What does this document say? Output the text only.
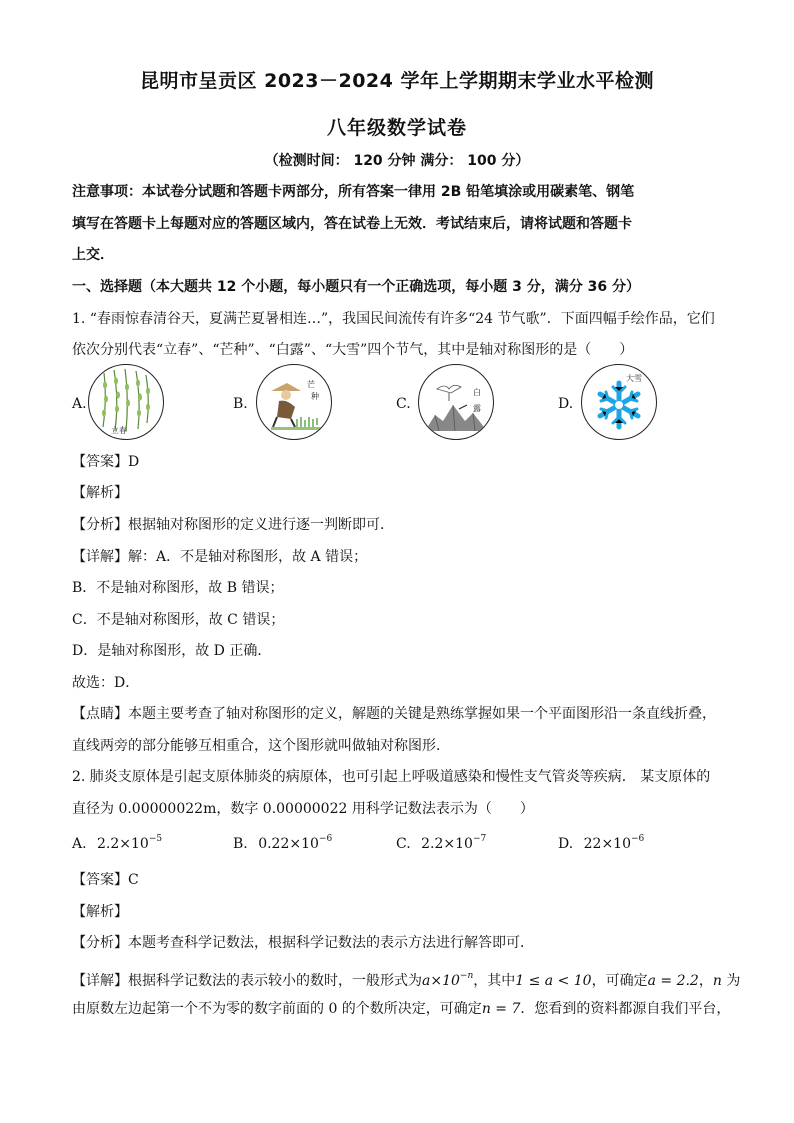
昆明市呈贡区 2023－2024 学年上学期期末学业水平检测
八年级数学试卷
（检测时间： 120 分钟 满分： 100 分）
注意事项：本试卷分试题和答题卡两部分，所有答案一律用 2B 铅笔填涂或用碳素笔、钢笔
填写在答题卡上每题对应的答题区域内，答在试卷上无效．考试结束后，请将试题和答题卡
上交．
一、选择题（本大题共 12 个小题，每小题只有一个正确选项，每小题 3 分，满分 36 分）
1. “春雨惊春清谷天，夏满芒夏暑相连…”，我国民间流传有许多“24 节气歌”．下面四幅手绘作品，它们
依次分别代表“立春”、“芒种”、“白露”、“大雪”四个节气，其中是轴对称图形的是（　　）
A.
立春
B.
芒
种	C.
白
露	D.
大雪
【答案】D
【解析】
【分析】根据轴对称图形的定义进行逐一判断即可．
【详解】解：A．不是轴对称图形，故 A 错误；
B．不是轴对称图形，故 B 错误；
C．不是轴对称图形，故 C 错误；
D．是轴对称图形，故 D 正确．
故选：D．
【点睛】本题主要考查了轴对称图形的定义，解题的关键是熟练掌握如果一个平面图形沿一条直线折叠，
直线两旁的部分能够互相重合，这个图形就叫做轴对称图形．
2. 肺炎支原体是引起支原体肺炎的病原体，也可引起上呼吸道感染和慢性支气管炎等疾病． 某支原体的
直径为 0.00000022m，数字 0.00000022 用科学记数法表示为（　　）
A. $2.2\times 10^{-5}$	B. $0.22\times 10^{-6}$	C. $2.2\times 10^{-7}$	D. $22\times 10^{-6}$
【答案】C
【解析】
【分析】本题考查科学记数法，根据科学记数法的表示方法进行解答即可．
【详解】根据科学记数法的表示较小的数时，一般形式为$a\times 10^{-n}$，其中1 ≤ a < 10，可确定a = 2.2，n 为
由原数左边起第一个不为零的数字前面的 0 的个数所决定，可确定n = 7．您看到的资料都源自我们平台，
